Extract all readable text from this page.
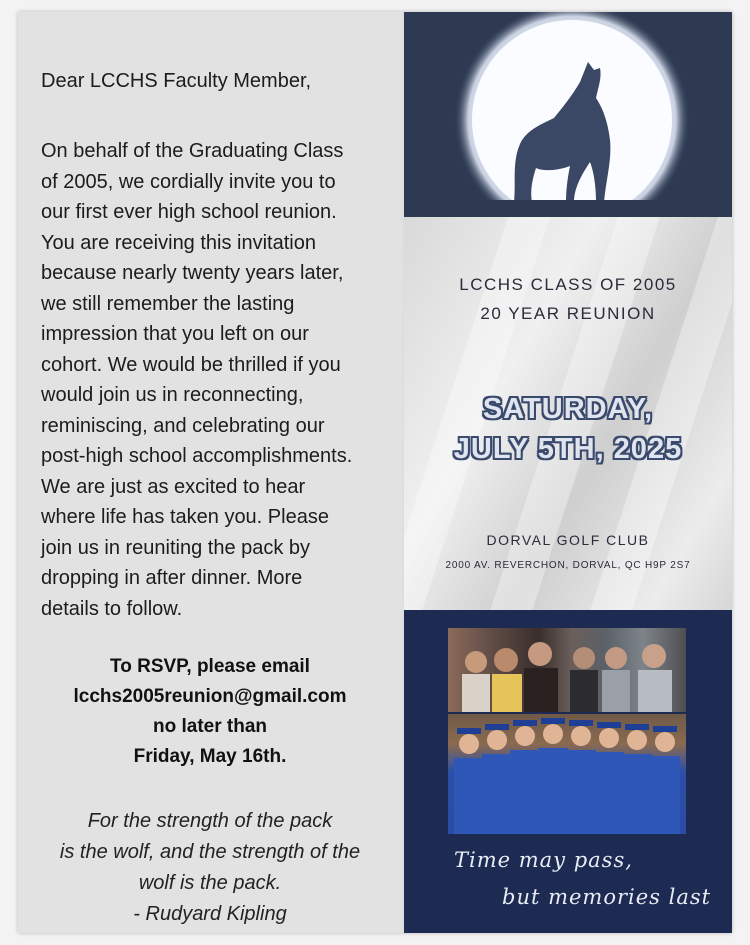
Dear LCCHS Faculty Member,
On behalf of the Graduating Class
of 2005, we cordially invite you to
our first ever high school reunion.
You are receiving this invitation
because nearly twenty years later,
we still remember the lasting
impression that you left on our
cohort. We would be thrilled if you
would join us in reconnecting,
reminiscing, and celebrating our
post-high school accomplishments.
We are just as excited to hear
where life has taken you. Please
join us in reuniting the pack by
dropping in after dinner. More
details to follow.
To RSVP, please email
lcchs2005reunion@gmail.com
no later than
Friday, May 16th.
For the strength of the pack
is the wolf, and the strength of the
wolf is the pack.
- Rudyard Kipling
LCCHS CLASS OF 2005
20 YEAR REUNION
SATURDAY,
JULY 5TH, 2025
DORVAL GOLF CLUB
2000 AV. REVERCHON, DORVAL, QC H9P 2S7
Time may pass,
but memories last
